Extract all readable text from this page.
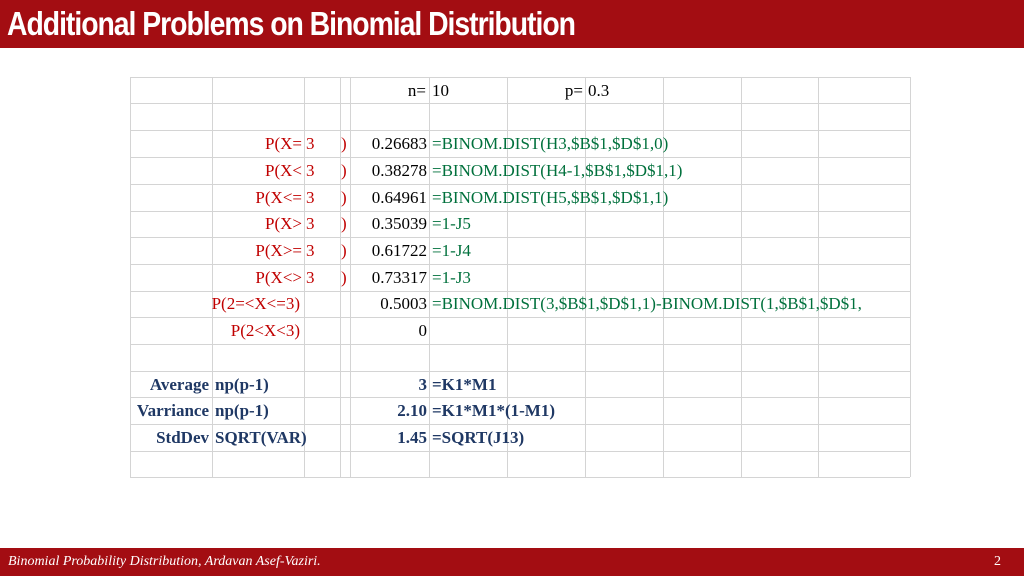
Additional Problems on Binomial Distribution
n= 10	p= 0.3
P(X= 3	)	0.26683 =BINOM.DIST(H3,$B$1,$D$1,0)
P(X< 3	)	0.38278 =BINOM.DIST(H4-1,$B$1,$D$1,1)
P(X<= 3	)	0.64961 =BINOM.DIST(H5,$B$1,$D$1,1)
P(X> 3	)	0.35039 =1-J5
P(X>= 3	)	0.61722 =1-J4
P(X<> 3	)	0.73317 =1-J3
P(2=<X<=3)	0.5003 =BINOM.DIST(3,$B$1,$D$1,1)-BINOM.DIST(1,$B$1,$D$1,
P(2<X<3)	0
Average np(p-1)	3 =K1*M1
Varriance np(p-1)	2.10 =K1*M1*(1-M1)
StdDev SQRT(VAR)	1.45 =SQRT(J13)
Binomial Probability Distribution, Ardavan Asef-Vaziri.	2
